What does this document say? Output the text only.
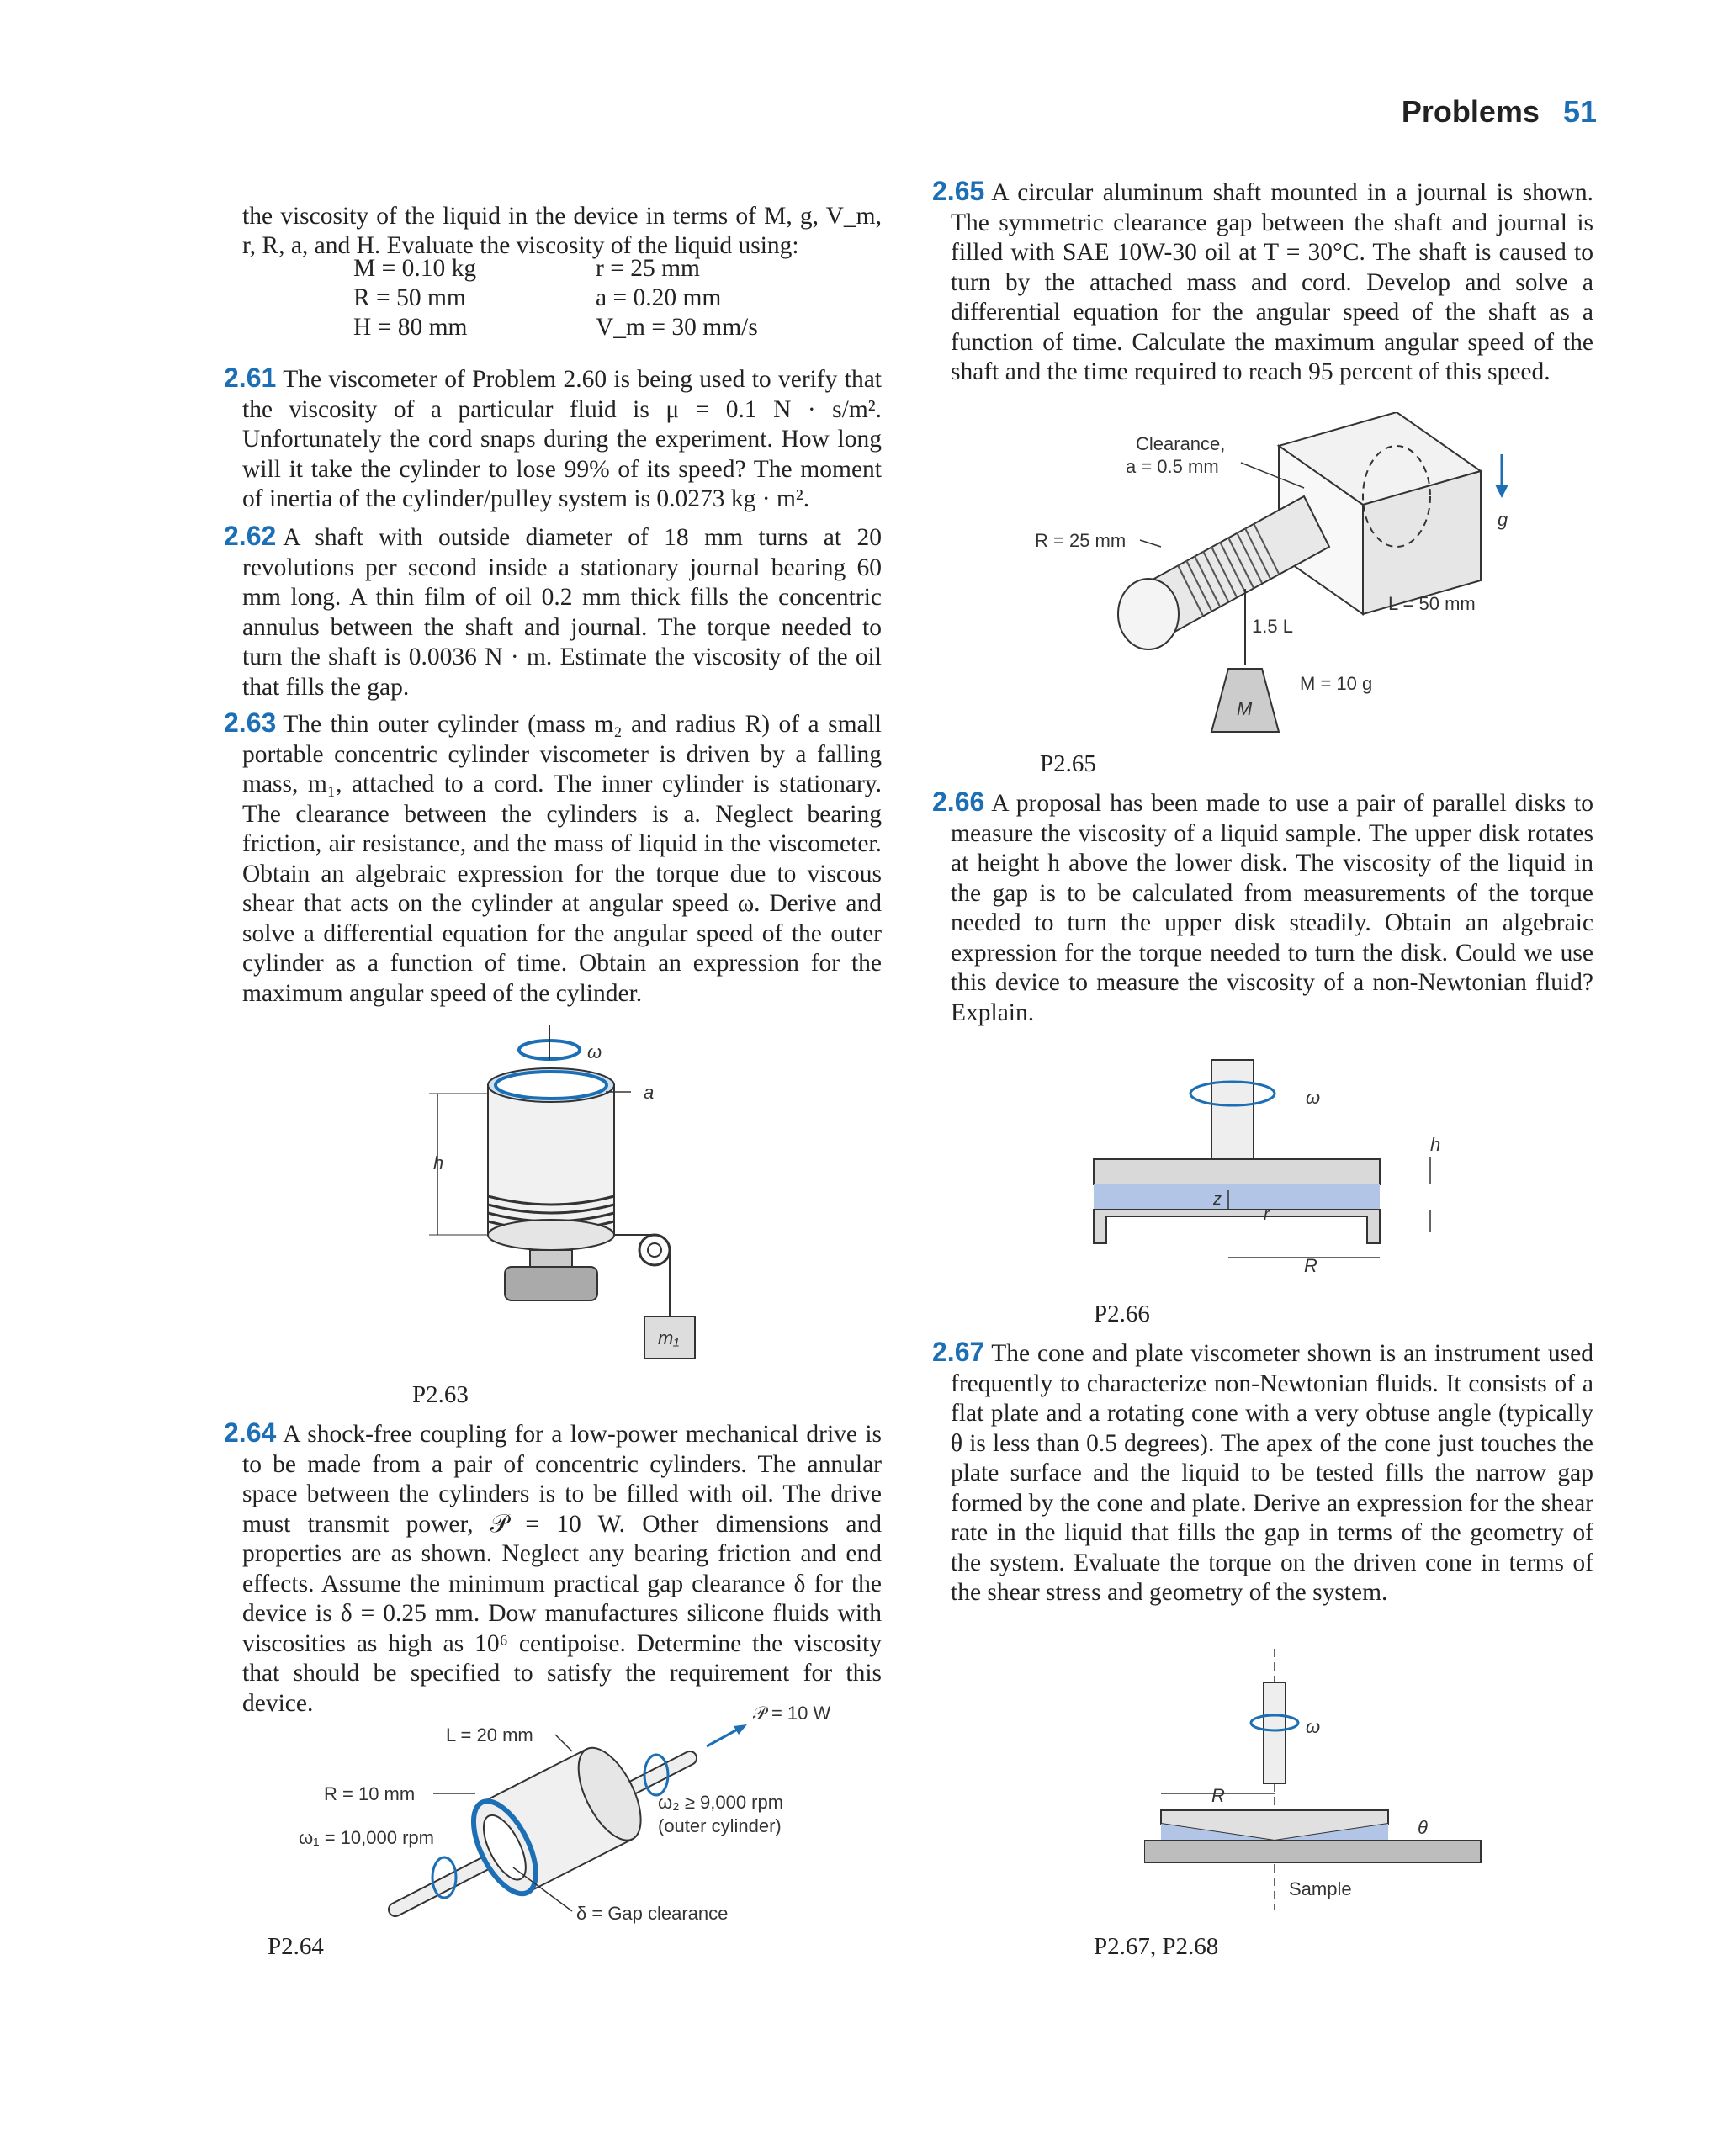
Problems 51

the viscosity of the liquid in the device in terms of M, g, V_m, r, R, a, and H. Evaluate the viscosity of the liquid using:

M = 0.10 kg
R = 50 mm
H = 80 mm
r = 25 mm
a = 0.20 mm
V_m = 30 mm/s

2.61 The viscometer of Problem 2.60 is being used to verify that the viscosity of a particular fluid is μ = 0.1 N · s/m². Unfortunately the cord snaps during the experiment. How long will it take the cylinder to lose 99% of its speed? The moment of inertia of the cylinder/pulley system is 0.0273 kg · m².

2.62 A shaft with outside diameter of 18 mm turns at 20 revolutions per second inside a stationary journal bearing 60 mm long. A thin film of oil 0.2 mm thick fills the concentric annulus between the shaft and journal. The torque needed to turn the shaft is 0.0036 N · m. Estimate the viscosity of the oil that fills the gap.

2.63 The thin outer cylinder (mass m₂ and radius R) of a small portable concentric cylinder viscometer is driven by a falling mass, m₁, attached to a cord. The inner cylinder is stationary. The clearance between the cylinders is a. Neglect bearing friction, air resistance, and the mass of liquid in the viscometer. Obtain an algebraic expression for the torque due to viscous shear that acts on the cylinder at angular speed ω. Derive and solve a differential equation for the angular speed of the outer cylinder as a function of time. Obtain an expression for the maximum angular speed of the cylinder.

ω
m₁
a
h
P2.63

2.64 A shock-free coupling for a low-power mechanical drive is to be made from a pair of concentric cylinders. The annular space between the cylinders is to be filled with oil. The drive must transmit power, 𝒫 = 10 W. Other dimensions and properties are as shown. Neglect any bearing friction and end effects. Assume the minimum practical gap clearance δ for the device is δ = 0.25 mm. Dow manufactures silicone fluids with viscosities as high as 10⁶ centipoise. Determine the viscosity that should be specified to satisfy the requirement for this device.	𝒫 = 10 W
L = 20 mm
R = 10 mm
ω₁ = 10,000 rpm
ω₂ ≥ 9,000 rpm
(outer cylinder)
δ = Gap clearance
P2.64

2.65 A circular aluminum shaft mounted in a journal is shown. The symmetric clearance gap between the shaft and journal is filled with SAE 10W-30 oil at T = 30°C. The shaft is caused to turn by the attached mass and cord. Develop and solve a differential equation for the angular speed of the shaft as a function of time. Calculate the maximum angular speed of the shaft and the time required to reach 95 percent of this speed.

M
Clearance,
a = 0.5 mm
R = 25 mm
1.5 L
L = 50 mm
M = 10 g
g
P2.65

2.66 A proposal has been made to use a pair of parallel disks to measure the viscosity of a liquid sample. The upper disk rotates at height h above the lower disk. The viscosity of the liquid in the gap is to be calculated from measurements of the torque needed to turn the upper disk steadily. Obtain an algebraic expression for the torque needed to turn the disk. Could we use this device to measure the viscosity of a non-Newtonian fluid? Explain.

ω
z
r
R
h
P2.66

2.67 The cone and plate viscometer shown is an instrument used frequently to characterize non-Newtonian fluids. It consists of a flat plate and a rotating cone with a very obtuse angle (typically θ is less than 0.5 degrees). The apex of the cone just touches the plate surface and the liquid to be tested fills the narrow gap formed by the cone and plate. Derive an expression for the shear rate in the liquid that fills the gap in terms of the geometry of the system. Evaluate the torque on the driven cone in terms of the shear stress and geometry of the system.

ω
R
θ
Sample
P2.67, P2.68
